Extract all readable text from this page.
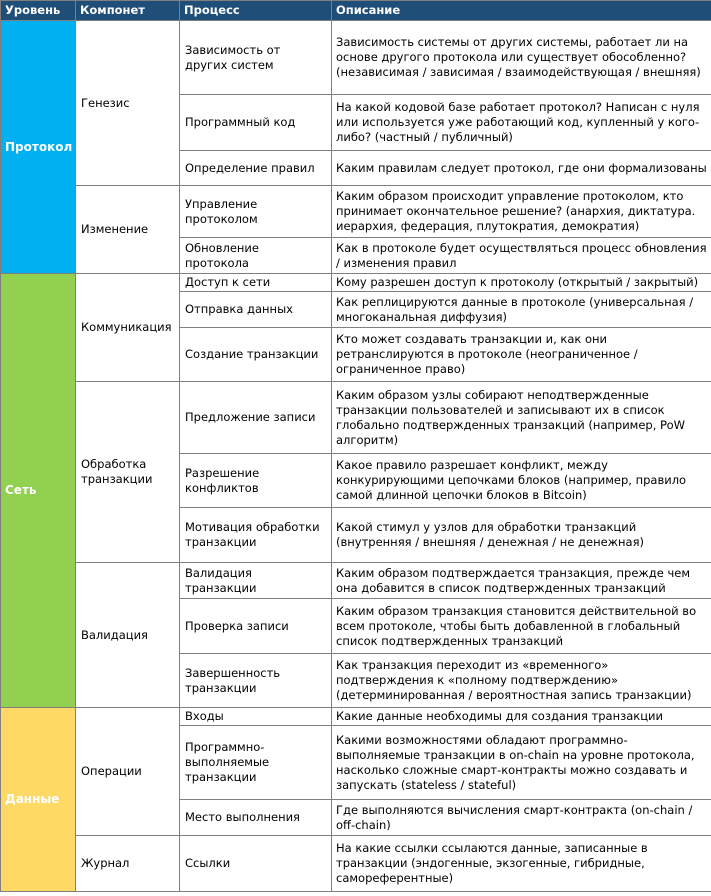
Уровень	Компонет	Процесс	Описание
Протокол	Генезис	Зависимость от других систем	Зависимость системы от других системы, работает ли на основе другого протокола или существует обособленно? (независимая / зависимая / взаимодействующая / внешняя)
		Программный код	На какой кодовой базе работает протокол? Написан с нуля или используется уже работающий код, купленный у кого-либо? (частный / публичный)
		Определение правил	Каким правилам следует протокол, где они формализованы
	Изменение	Управление протоколом	Каким образом происходит управление протоколом, кто принимает окончательное решение? (анархия, диктатура. иерархия, федерация, плутократия, демократия)
		Обновление протокола	Как в протоколе будет осуществляться процесс обновления / изменения правил
Сеть	Коммуникация	Доступ к сети	Кому разрешен доступ к протоколу (открытый / закрытый)
		Отправка данных	Как реплицируются данные в протоколе (универсальная / многоканальная диффузия)
		Создание транзакции	Кто может создавать транзакции и, как они ретранслируются в протоколе (неограниченное / ограниченное право)
	Обработка транзакции	Предложение записи	Каким образом узлы собирают неподтвержденные транзакции пользователей и записывают их в список глобально подтвержденных транзакций (например, PoW алгоритм)
		Разрешение конфликтов	Какое правило разрешает конфликт, между конкурирующими цепочками блоков (например, правило самой длинной цепочки блоков в Bitcoin)
		Мотивация обработки транзакции	Какой стимул у узлов для обработки транзакций (внутренняя / внешняя / денежная / не денежная)
	Валидация	Валидация транзакции	Каким образом подтверждается транзакция, прежде чем она добавится в список подтвержденных транзакций
		Проверка записи	Каким образом транзакция становится действительной во всем протоколе, чтобы быть добавленной в глобальный список подтвержденных транзакций
		Завершенность транзакции	Как транзакция переходит из «временного» подтверждения к «полному подтверждению» (детерминированная / вероятностная запись транзакции)
Данные	Операции	Входы	Какие данные необходимы для создания транзакции
		Программно-выполняемые транзакции	Какими возможностями обладают программно-выполняемые транзакции в on-chain на уровне протокола, насколько сложные смарт-контракты можно создавать и запускать (stateless / stateful)
		Место выполнения	Где выполняются вычисления смарт-контракта (on-chain / off-chain)
	Журнал	Ссылки	На какие ссылки ссылаются данные, записанные в транзакции (эндогенные, экзогенные, гибридные, самореферентные)
